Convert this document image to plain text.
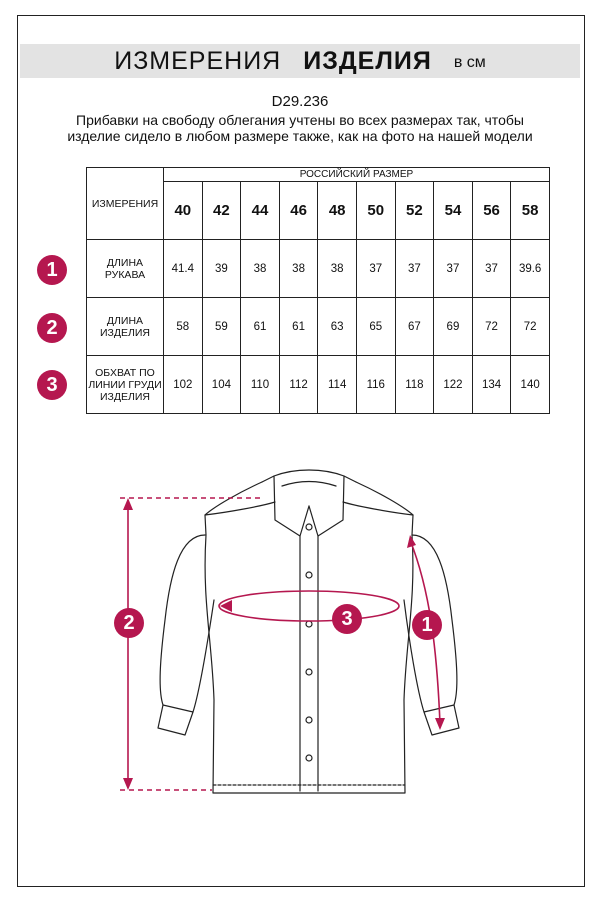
ИЗМЕРЕНИЯ ИЗДЕЛИЯ в см
D29.236
Прибавки на свободу облегания учтены во всех размерах так, чтобы изделие сидело в любом размере также, как на фото на нашей модели
ИЗМЕРЕНИЯ	РОССИЙСКИЙ РАЗМЕР									
	40	42	44	46	48	50	52	54	56	58
ДЛИНА РУКАВА	41.4	39	38	38	38	37	37	37	37	39.6
ДЛИНА ИЗДЕЛИЯ	58	59	61	61	63	65	67	69	72	72
ОБХВАТ ПО ЛИНИИ ГРУДИ ИЗДЕЛИЯ	102	104	110	112	114	116	118	122	134	140
1
2
3
2	3	1
